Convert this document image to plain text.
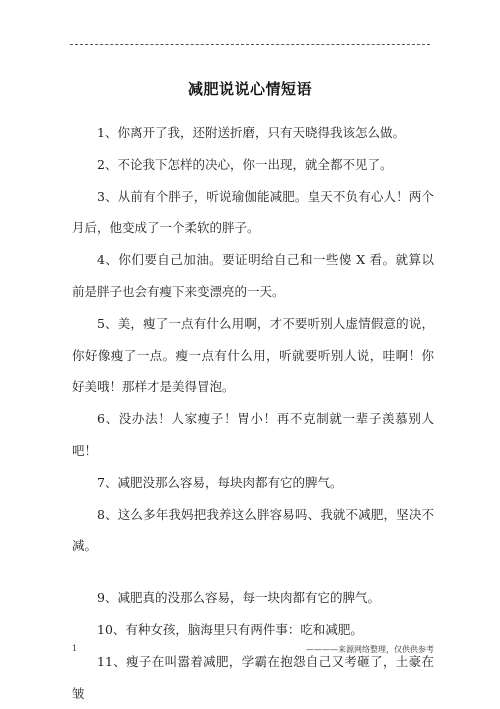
减肥说说心情短语

1、你离开了我，还附送折磨，只有天晓得我该怎么做。

2、不论我下怎样的决心，你一出现，就全都不见了。

3、从前有个胖子，听说瑜伽能减肥。皇天不负有心人！两个月后，他变成了一个柔软的胖子。

4、你们要自己加油。要证明给自己和一些傻 X 看。就算以前是胖子也会有瘦下来变漂亮的一天。

5、美，瘦了一点有什么用啊，才不要听别人虚情假意的说，你好像瘦了一点。瘦一点有什么用，听就要听别人说，哇啊！你好美哦！那样才是美得冒泡。

6、没办法！人家瘦子！胃小！再不克制就一辈子羡慕别人吧！

7、减肥没那么容易，每块肉都有它的脾气。

8、这么多年我妈把我养这么胖容易吗、我就不减肥，坚决不减。

9、减肥真的没那么容易，每一块肉都有它的脾气。

10、有种女孩，脑海里只有两件事：吃和减肥。

11、瘦子在叫嚣着减肥，学霸在抱怨自己又考砸了，土豪在皱

1	————来源网络整理，仅供供参考
